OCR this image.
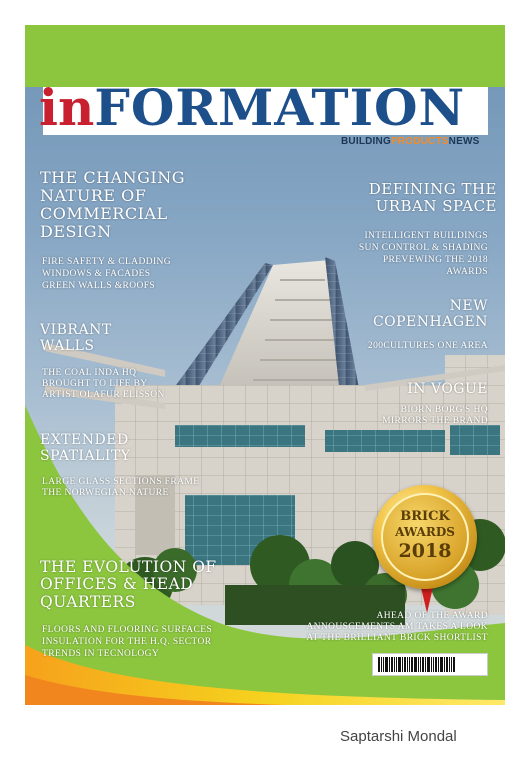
inFORMATION
BUILDINGPRODUCTSNEWS
THE CHANGING NATURE OF COMMERCIAL DESIGN
FIRE SAFETY & CLADDING
WINDOWS & FACADES
GREEN WALLS &ROOFS
DEFINING THE URBAN SPACE
INTELLIGENT BUILDINGS
SUN CONTROL & SHADING
PREVEWING THE 2018
AWARDS
NEW COPENHAGEN
200CULTURES ONE AREA
VIBRANT WALLS
THE COAL INDA HQ
BROUGHT TO LIFE BY
ARTIST OLAFUR ELISSON	IN VOGUE
BIORN BORG'S HQ
MIRRORS THE BRAND
EXTENDED SPATIALITY
LARGE GLASS SECTIONS FRAME
THE NORWEGIAN NATURE
THE EVOLUTION OF OFFICES & HEAD QUARTERS
FLOORS AND FLOORING SURFACES
INSULATION FOR THE H.Q. SECTOR
TRENDS IN TECNOLOGY
AHEAD OF THE AWARD
ANNOUSCEMENTS AM TAKES A LOOK
AT THE BRILLIANT BRICK SHORTLIST
BRICK
AWARDS
2018
Saptarshi Mondal
